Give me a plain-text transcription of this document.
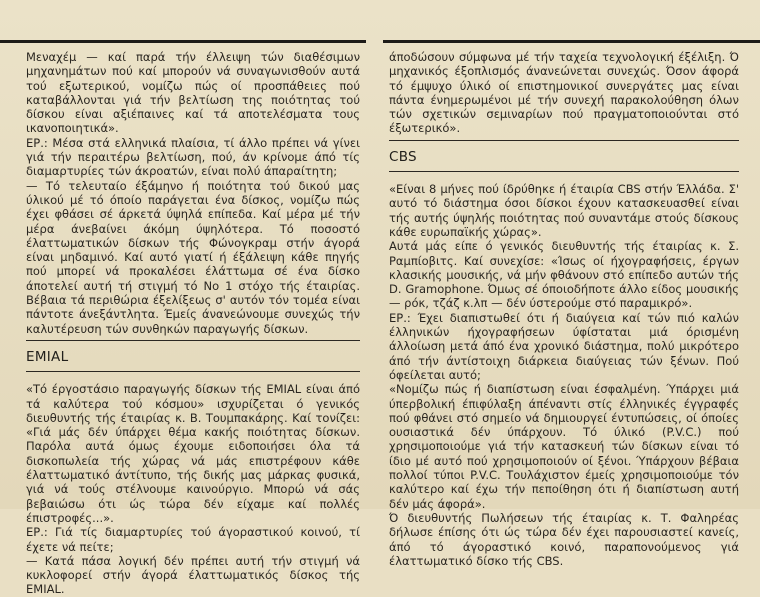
Μεναχέμ — καί παρά τήν έλλειψη τών διαθέσιμων μηχανημάτων πού καί μπορούν νά συναγωνισθούν αυτά τού εξωτερικού, νομίζω πώς οί προσπάθειες πού καταβάλλονται γιά τήν βελτίωση της ποιότητας τού δίσκου είναι αξιέπαινες καί τά αποτελέσματα τους ικανοποιητικά».

ΕΡ.: Μέσα στά ελληνικά πλαίσια, τί άλλο πρέπει νά γίνει γιά τήν περαιτέρω βελτίωση, πού, άν κρίνομε άπό τίς διαμαρτυρίες τών άκροατών, είναι πολύ άπαραίτητη;

— Τό τελευταίο έξάμηνο ή ποιότητα τού δικού μας ύλικού μέ τό όποίο παράγεται ένα δίσκος, νομίζω πώς έχει φθάσει σέ άρκετά ύψηλά επίπεδα. Καί μέρα μέ τήν μέρα άνεβαίνει άκόμη ύψηλότερα. Τό ποσοστό έλαττωματικών δίσκων τής Φώνογκραμ στήν άγορά είναι μηδαμινό. Καί αυτό γιατί ή έξάλειψη κάθε πηγής πού μπορεί νά προκαλέσει έλάττωμα σέ ένα δίσκο άποτελεί αυτή τή στιγμή τό Νο 1 στόχο τής έταιρίας. Βέβαια τά περιθώρια έξελίξεως σ' αυτόν τόν τομέα είναι πάντοτε άνεξάντλητα. Έμείς άνανεώνουμε συνεχώς τήν καλυτέρευση τών συνθηκών παραγωγής δίσκων.

EMIAL

«Τό έργοστάσιο παραγωγής δίσκων τής EMIAL είναι άπό τά καλύτερα τού κόσμου» ισχυρίζεται ό γενικός διευθυντής τής έταιρίας κ. Β. Τουμπακάρης. Καί τονίζει: «Γιά μάς δέν ύπάρχει θέμα κακής ποιότητας δίσκων. Παρόλα αυτά όμως έχουμε ειδοποιήσει όλα τά δισκοπωλεία τής χώρας νά μάς επιστρέφουν κάθε έλαττωματικό άντίτυπο, τής δικής μας μάρκας φυσικά, γιά νά τούς στέλνουμε καινούργιο. Μπορώ νά σάς βεβαιώσω ότι ώς τώρα δέν είχαμε καί πολλές έπιστροφές...».

ΕΡ.: Γιά τίς διαμαρτυρίες τού άγοραστικού κοινού, τί έχετε νά πείτε;

— Κατά πάσα λογική δέν πρέπει αυτή τήν στιγμή νά κυκλοφορεί στήν άγορά έλαττωματικός δίσκος τής EMIAL.

άποδώσουν σύμφωνα μέ τήν ταχεία τεχνολογική έξέλιξη. Ό μηχανικός έξοπλισμός άνανεώνεται συνεχώς. Όσον άφορά τό έμψυχο ύλικό οί επιστημονικοί συνεργάτες μας είναι πάντα ένημερωμένοι μέ τήν συνεχή παρακολούθηση όλων τών σχετικών σεμιναρίων πού πραγματοποιούνται στό έξωτερικό».

CBS

«Είναι 8 μήνες πού ίδρύθηκε ή έταιρία CBS στήν Έλλάδα. Σ' αυτό τό διάστημα όσοι δίσκοι έχουν κατασκευασθεί είναι τής αυτής ύψηλής ποιότητας πού συναντάμε στούς δίσκους κάθε ευρωπαϊκής χώρας».

Αυτά μάς είπε ό γενικός διευθυντής τής έταιρίας κ. Σ. Ραμπίοβιτς. Καί συνεχίσε: «Ίσως οί ήχογραφήσεις, έργων κλασικής μουσικής, νά μήν φθάνουν στό επίπεδο αυτών τής D. Gramophone. Όμως σέ όποιοδήποτε άλλο είδος μουσικής — ρόκ, τζάζ κ.λπ — δέν ύστερούμε στό παραμικρό».

ΕΡ.: Έχει διαπιστωθεί ότι ή διαύγεια καί τών πιό καλών έλληνικών ήχογραφήσεων ύφίσταται μιά όρισμένη άλλοίωση μετά άπό ένα χρονικό διάστημα, πολύ μικρότερο άπό τήν άντίστοιχη διάρκεια διαύγειας τών ξένων. Πού όφείλεται αυτό;

«Νομίζω πώς ή διαπίστωση είναι έσφαλμένη. Ύπάρχει μιά ύπερβολική έπιφύλαξη άπέναντι στίς έλληνικές έγγραφές πού φθάνει στό σημείο νά δημιουργεί έντυπώσεις, οί όποίες ουσιαστικά δέν ύπάρχουν. Τό ύλικό (P.V.C.) πού χρησιμοποιούμε γιά τήν κατασκευή τών δίσκων είναι τό ίδιο μέ αυτό πού χρησιμοποιούν οί ξένοι. Ύπάρχουν βέβαια πολλοί τύποι P.V.C. Τουλάχιστον έμείς χρησιμοποιούμε τόν καλύτερο καί έχω τήν πεποίθηση ότι ή διαπίστωση αυτή δέν μάς άφορά».

Ό διευθυντής Πωλήσεων τής έταιρίας κ. Τ. Φαληρέας δήλωσε έπίσης ότι ώς τώρα δέν έχει παρουσιαστεί κανείς, άπό τό άγοραστικό κοινό, παραπονούμενος γιά έλαττωματικό δίσκο τής CBS.
